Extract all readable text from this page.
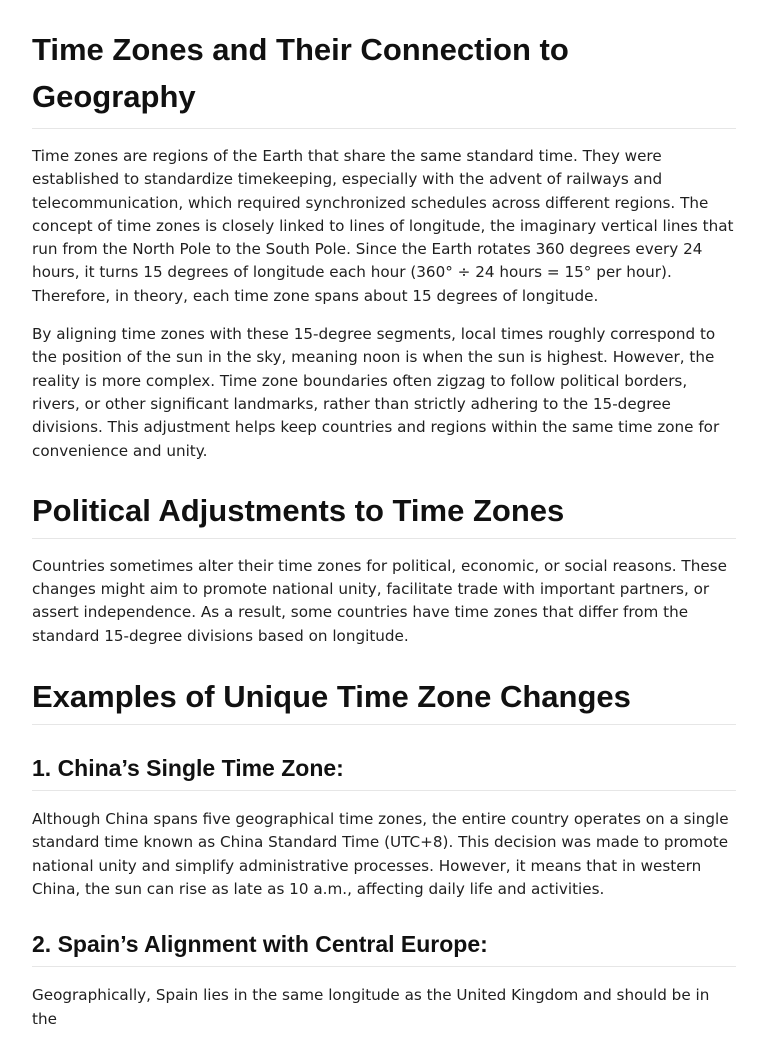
Time Zones and Their Connection to Geography

Time zones are regions of the Earth that share the same standard time. They were established to standardize timekeeping, especially with the advent of railways and telecommunication, which required synchronized schedules across different regions. The concept of time zones is closely linked to lines of longitude, the imaginary vertical lines that run from the North Pole to the South Pole. Since the Earth rotates 360 degrees every 24 hours, it turns 15 degrees of longitude each hour (360° ÷ 24 hours = 15° per hour). Therefore, in theory, each time zone spans about 15 degrees of longitude.

By aligning time zones with these 15-degree segments, local times roughly correspond to the position of the sun in the sky, meaning noon is when the sun is highest. However, the reality is more complex. Time zone boundaries often zigzag to follow political borders, rivers, or other significant landmarks, rather than strictly adhering to the 15-degree divisions. This adjustment helps keep countries and regions within the same time zone for convenience and unity.

Political Adjustments to Time Zones

Countries sometimes alter their time zones for political, economic, or social reasons. These changes might aim to promote national unity, facilitate trade with important partners, or assert independence. As a result, some countries have time zones that differ from the standard 15-degree divisions based on longitude.

Examples of Unique Time Zone Changes
1. China’s Single Time Zone:

Although China spans five geographical time zones, the entire country operates on a single standard time known as China Standard Time (UTC+8). This decision was made to promote national unity and simplify administrative processes. However, it means that in western China, the sun can rise as late as 10 a.m., affecting daily life and activities.

2. Spain’s Alignment with Central Europe:

Geographically, Spain lies in the same longitude as the United Kingdom and should be in the
